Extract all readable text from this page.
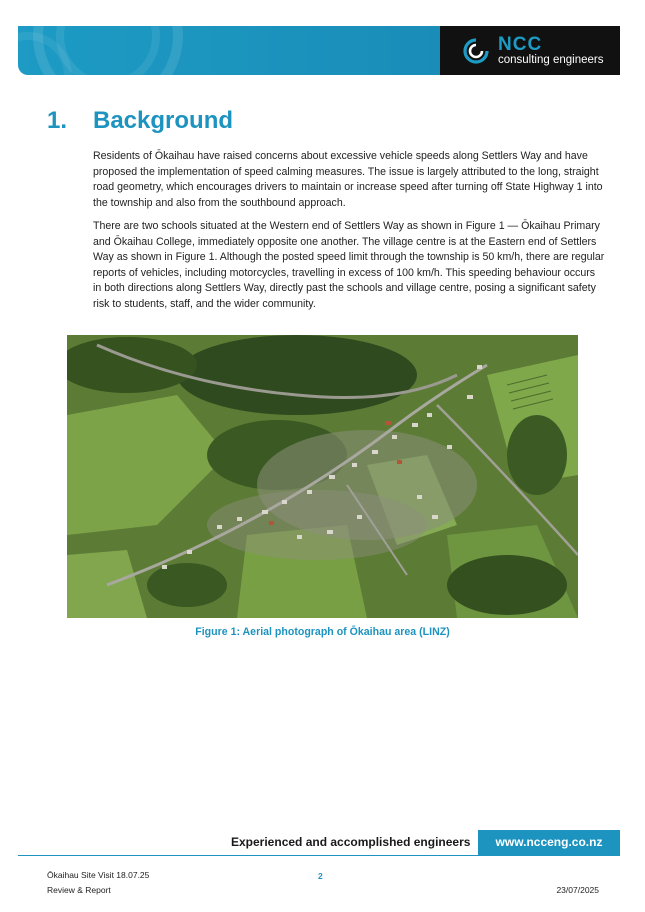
NCC
consulting engineers
1. Background

Residents of Ōkaihau have raised concerns about excessive vehicle speeds along Settlers Way and have proposed the implementation of speed calming measures. The issue is largely attributed to the long, straight road geometry, which encourages drivers to maintain or increase speed after turning off State Highway 1 into the township and also from the southbound approach.

There are two schools situated at the Western end of Settlers Way as shown in Figure 1 — Ōkaihau Primary and Ōkaihau College, immediately opposite one another. The village centre is at the Eastern end of Settlers Way as shown in Figure 1. Although the posted speed limit through the township is 50 km/h, there are regular reports of vehicles, including motorcycles, travelling in excess of 100 km/h. This speeding behaviour occurs in both directions along Settlers Way, directly past the schools and village centre, posing a significant safety risk to students, staff, and the wider community.

Figure 1: Aerial photograph of Ōkaihau area (LINZ)
Experienced and accomplished engineers	www.ncceng.co.nz
Ōkaihau Site Visit 18.07.25
Review & Report
2
23/07/2025
